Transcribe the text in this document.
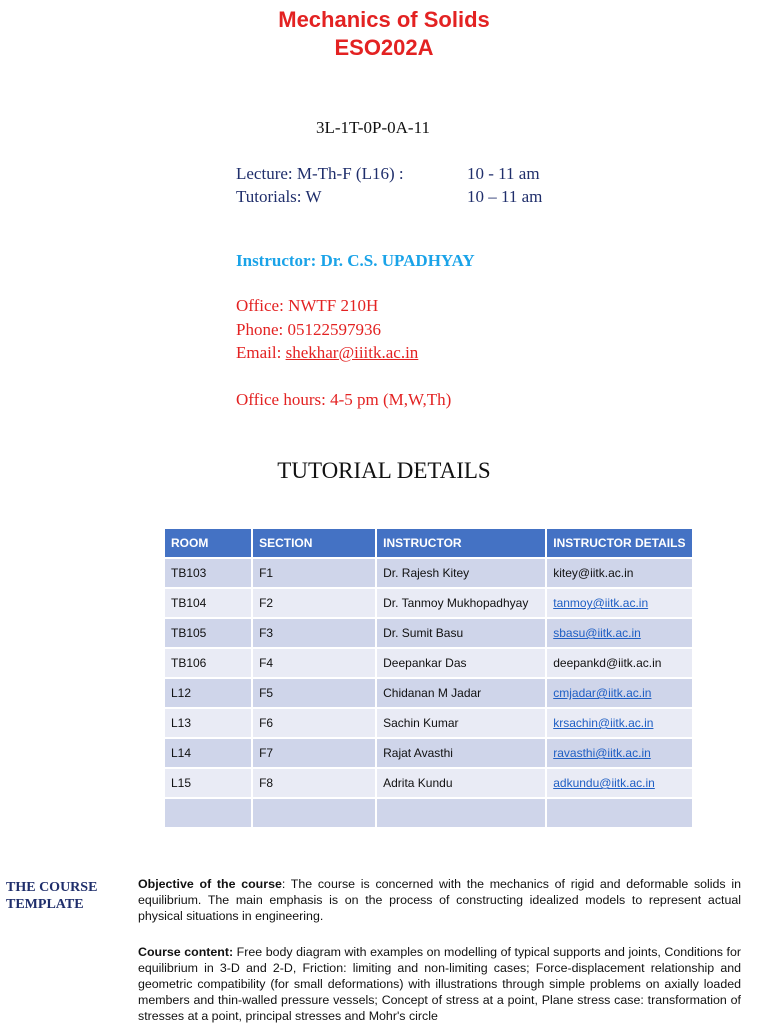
Mechanics of Solids
ESO202A
3L-1T-0P-0A-11
Lecture: M-Th-F (L16) :	10 - 11 am
Tutorials: W	10 – 11 am
Instructor: Dr. C.S. UPADHYAY
Office: NWTF 210H
Phone: 05122597936
Email: shekhar@iiitk.ac.in
Office hours: 4-5 pm (M,W,Th)
TUTORIAL DETAILS
ROOM	SECTION	INSTRUCTOR	INSTRUCTOR DETAILS
TB103	F1	Dr. Rajesh Kitey	kitey@iitk.ac.in
TB104	F2	Dr. Tanmoy Mukhopadhyay	tanmoy@iitk.ac.in
TB105	F3	Dr. Sumit Basu	sbasu@iitk.ac.in
TB106	F4	Deepankar Das	deepankd@iitk.ac.in
L12	F5	Chidanan M Jadar	cmjadar@iitk.ac.in
L13	F6	Sachin Kumar	krsachin@iitk.ac.in
L14	F7	Rajat Avasthi	ravasthi@iitk.ac.in
L15	F8	Adrita Kundu	adkundu@iitk.ac.in

THE COURSE TEMPLATE
Objective of the course: The course is concerned with the mechanics of rigid and deformable solids in equilibrium. The main emphasis is on the process of constructing idealized models to represent actual physical situations in engineering.
Course content: Free body diagram with examples on modelling of typical supports and joints, Conditions for equilibrium in 3-D and 2-D, Friction: limiting and non-limiting cases; Force-displacement relationship and geometric compatibility (for small deformations) with illustrations through simple problems on axially loaded members and thin-walled pressure vessels; Concept of stress at a point, Plane stress case: transformation of stresses at a point, principal stresses and Mohr's circle
